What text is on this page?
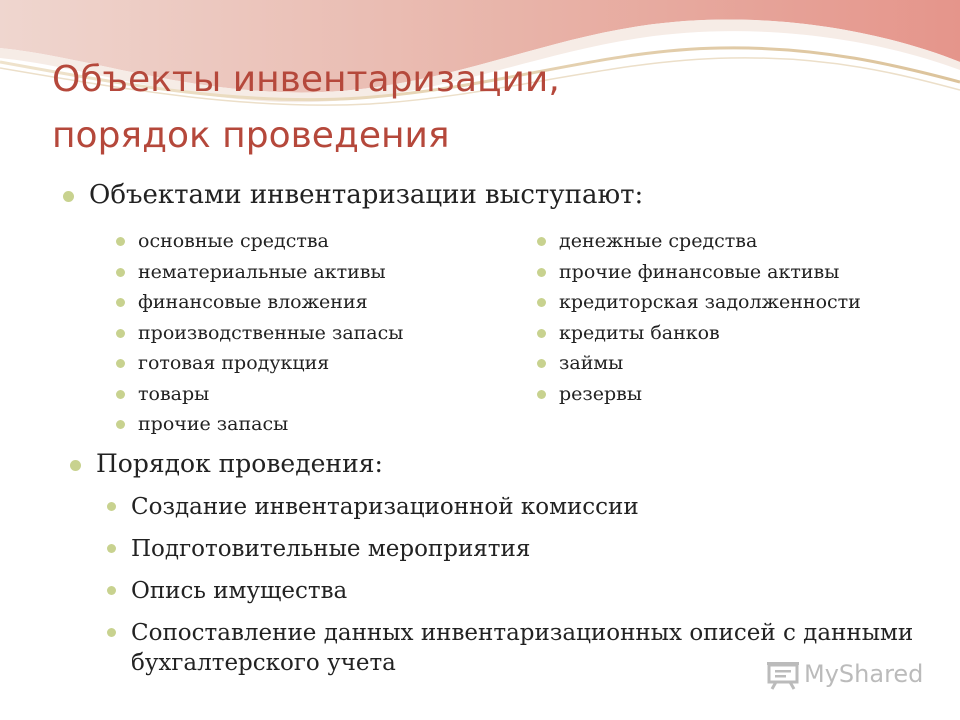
Объекты инвентаризации,
порядок проведения
Объектами инвентаризации выступают:
основные средства
нематериальные активы
финансовые вложения
производственные запасы
готовая продукция
товары
прочие запасы
денежные средства
прочие финансовые активы
кредиторская задолженности
кредиты банков
займы
резервы
Порядок проведения:
Создание инвентаризационной комиссии
Подготовительные мероприятия
Опись имущества
Сопоставление данных инвентаризационных описей с данными бухгалтерского учета	MyShared
